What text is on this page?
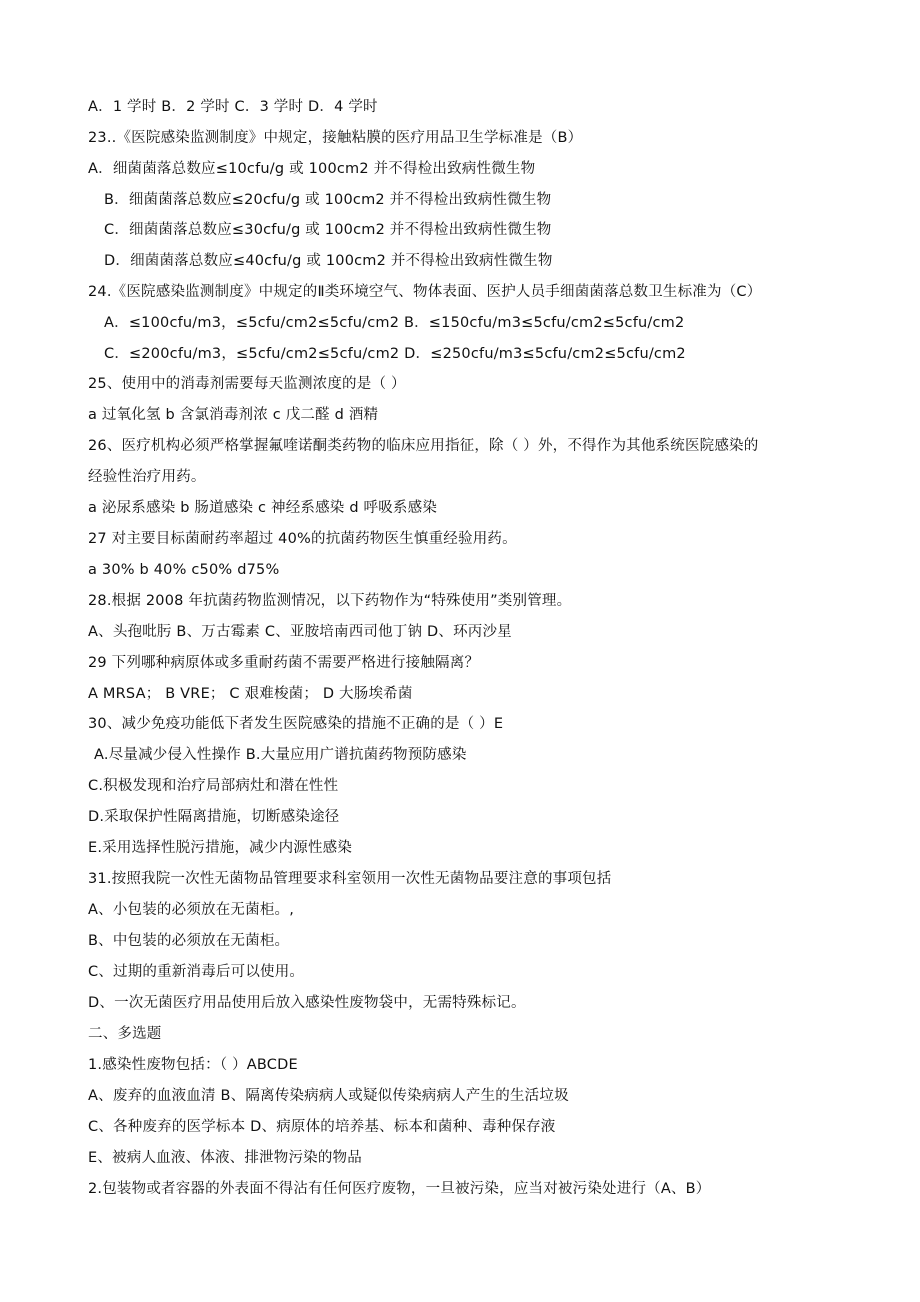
A．1 学时 B．2 学时 C．3 学时 D．4 学时
23..《医院感染监测制度》中规定，接触粘膜的医疗用品卫生学标准是（B）
A．细菌菌落总数应≤10cfu/g 或 100cm2 并不得检出致病性微生物
B．细菌菌落总数应≤20cfu/g 或 100cm2 并不得检出致病性微生物
C．细菌菌落总数应≤30cfu/g 或 100cm2 并不得检出致病性微生物
D．细菌菌落总数应≤40cfu/g 或 100cm2 并不得检出致病性微生物
24.《医院感染监测制度》中规定的Ⅱ类环境空气、物体表面、医护人员手细菌菌落总数卫生标准为（C）
A．≤100cfu/m3，≤5cfu/cm2≤5cfu/cm2 B．≤150cfu/m3≤5cfu/cm2≤5cfu/cm2
C．≤200cfu/m3，≤5cfu/cm2≤5cfu/cm2 D．≤250cfu/m3≤5cfu/cm2≤5cfu/cm2
25、使用中的消毒剂需要每天监测浓度的是（ ）
a 过氧化氢 b 含氯消毒剂浓 c 戊二醛 d 酒精
26、医疗机构必须严格掌握氟喹诺酮类药物的临床应用指征，除（ ）外，不得作为其他系统医院感染的
经验性治疗用药。
a 泌尿系感染 b 肠道感染 c 神经系感染 d 呼吸系感染
27 对主要目标菌耐药率超过 40%的抗菌药物医生慎重经验用药。
a 30% b 40% c50% d75%
28.根据 2008 年抗菌药物监测情况，以下药物作为“特殊使用”类别管理。
A、头孢吡肟 B、万古霉素 C、亚胺培南西司他丁钠 D、环丙沙星
29 下列哪种病原体或多重耐药菌不需要严格进行接触隔离？
A MRSA； B VRE； C 艰难梭菌； D 大肠埃希菌
30、减少免疫功能低下者发生医院感染的措施不正确的是（ ）E
A.尽量减少侵入性操作 B.大量应用广谱抗菌药物预防感染
C.积极发现和治疗局部病灶和潜在性性
D.采取保护性隔离措施，切断感染途径
E.采用选择性脱污措施，减少内源性感染
31.按照我院一次性无菌物品管理要求科室领用一次性无菌物品要注意的事项包括
A、小包装的必须放在无菌柜。,
B、中包装的必须放在无菌柜。
C、过期的重新消毒后可以使用。
D、一次无菌医疗用品使用后放入感染性废物袋中，无需特殊标记。
二、多选题
1.感染性废物包括：（ ）ABCDE
A、废弃的血液血清 B、隔离传染病病人或疑似传染病病人产生的生活垃圾
C、各种废弃的医学标本 D、病原体的培养基、标本和菌种、毒种保存液
E、被病人血液、体液、排泄物污染的物品
2.包装物或者容器的外表面不得沾有任何医疗废物，一旦被污染，应当对被污染处进行（A、B）
